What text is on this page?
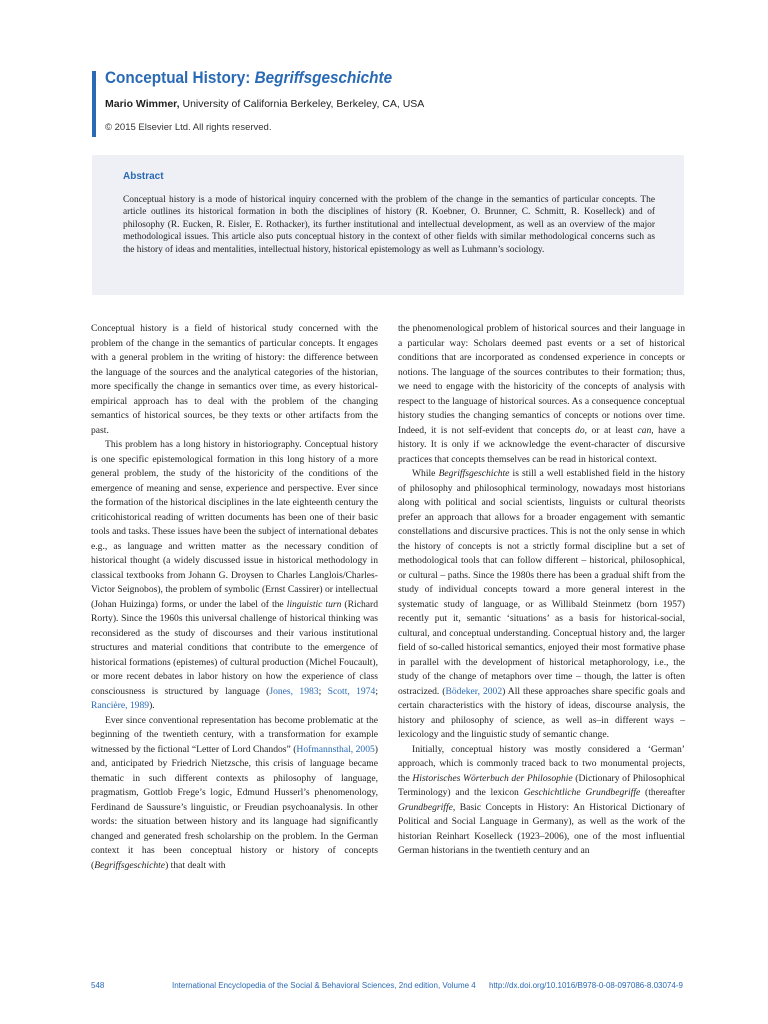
Conceptual History: Begriffsgeschichte
Mario Wimmer, University of California Berkeley, Berkeley, CA, USA
© 2015 Elsevier Ltd. All rights reserved.
Abstract
Conceptual history is a mode of historical inquiry concerned with the problem of the change in the semantics of particular concepts. The article outlines its historical formation in both the disciplines of history (R. Koebner, O. Brunner, C. Schmitt, R. Koselleck) and of philosophy (R. Eucken, R. Eisler, E. Rothacker), its further institutional and intellectual development, as well as an overview of the major methodological issues. This article also puts conceptual history in the context of other fields with similar methodological concerns such as the history of ideas and mentalities, intellectual history, historical epistemology as well as Luhmann’s sociology.

Conceptual history is a field of historical study concerned with the problem of the change in the semantics of particular concepts. It engages with a general problem in the writing of history: the difference between the language of the sources and the analytical categories of the historian, more specifically the change in semantics over time, as every historical-empirical approach has to deal with the problem of the changing semantics of historical sources, be they texts or other artifacts from the past.

This problem has a long history in historiography. Conceptual history is one specific epistemological formation in this long history of a more general problem, the study of the historicity of the conditions of the emergence of meaning and sense, experience and perspective. Ever since the formation of the historical disciplines in the late eighteenth century the criticohistorical reading of written documents has been one of their basic tools and tasks. These issues have been the subject of international debates e.g., as language and written matter as the necessary condition of historical thought (a widely discussed issue in historical methodology in classical textbooks from Johann G. Droysen to Charles Langlois/Charles-Victor Seignobos), the problem of symbolic (Ernst Cassirer) or intellectual (Johan Huizinga) forms, or under the label of the linguistic turn (Richard Rorty). Since the 1960s this universal challenge of historical thinking was reconsidered as the study of discourses and their various institutional structures and material conditions that contribute to the emergence of historical formations (epistemes) of cultural production (Michel Foucault), or more recent debates in labor history on how the experience of class consciousness is structured by language (Jones, 1983; Scott, 1974; Rancière, 1989).

Ever since conventional representation has become problematic at the beginning of the twentieth century, with a transformation for example witnessed by the fictional “Letter of Lord Chandos” (Hofmannsthal, 2005) and, anticipated by Friedrich Nietzsche, this crisis of language became thematic in such different contexts as philosophy of language, pragmatism, Gottlob Frege’s logic, Edmund Husserl’s phenomenology, Ferdinand de Saussure’s linguistic, or Freudian psychoanalysis. In other words: the situation between history and its language had significantly changed and generated fresh scholarship on the problem. In the German context it has been conceptual history or history of concepts (Begriffsgeschichte) that dealt with

the phenomenological problem of historical sources and their language in a particular way: Scholars deemed past events or a set of historical conditions that are incorporated as condensed experience in concepts or notions. The language of the sources contributes to their formation; thus, we need to engage with the historicity of the concepts of analysis with respect to the language of historical sources. As a consequence conceptual history studies the changing semantics of concepts or notions over time. Indeed, it is not self-evident that concepts do, or at least can, have a history. It is only if we acknowledge the event-character of discursive practices that concepts themselves can be read in historical context.

While Begriffsgeschichte is still a well established field in the history of philosophy and philosophical terminology, nowadays most historians along with political and social scientists, linguists or cultural theorists prefer an approach that allows for a broader engagement with semantic constellations and discursive practices. This is not the only sense in which the history of concepts is not a strictly formal discipline but a set of methodological tools that can follow different – historical, philosophical, or cultural – paths. Since the 1980s there has been a gradual shift from the study of individual concepts toward a more general interest in the systematic study of language, or as Willibald Steinmetz (born 1957) recently put it, semantic ‘situations’ as a basis for historical-social, cultural, and conceptual understanding. Conceptual history and, the larger field of so-called historical semantics, enjoyed their most formative phase in parallel with the development of historical metaphorology, i.e., the study of the change of metaphors over time – though, the latter is often ostracized. (Bödeker, 2002) All these approaches share specific goals and certain characteristics with the history of ideas, discourse analysis, the history and philosophy of science, as well as–in different ways – lexicology and the linguistic study of semantic change.

Initially, conceptual history was mostly considered a ‘German’ approach, which is commonly traced back to two monumental projects, the Historisches Wörterbuch der Philosophie (Dictionary of Philosophical Terminology) and the lexicon Geschichtliche Grundbegriffe (thereafter Grundbegriffe, Basic Concepts in History: An Historical Dictionary of Political and Social Language in Germany), as well as the work of the historian Reinhart Koselleck (1923–2006), one of the most influential German historians in the twentieth century and an

548	International Encyclopedia of the Social & Behavioral Sciences, 2nd edition, Volume 4 http://dx.doi.org/10.1016/B978-0-08-097086-8.03074-9
